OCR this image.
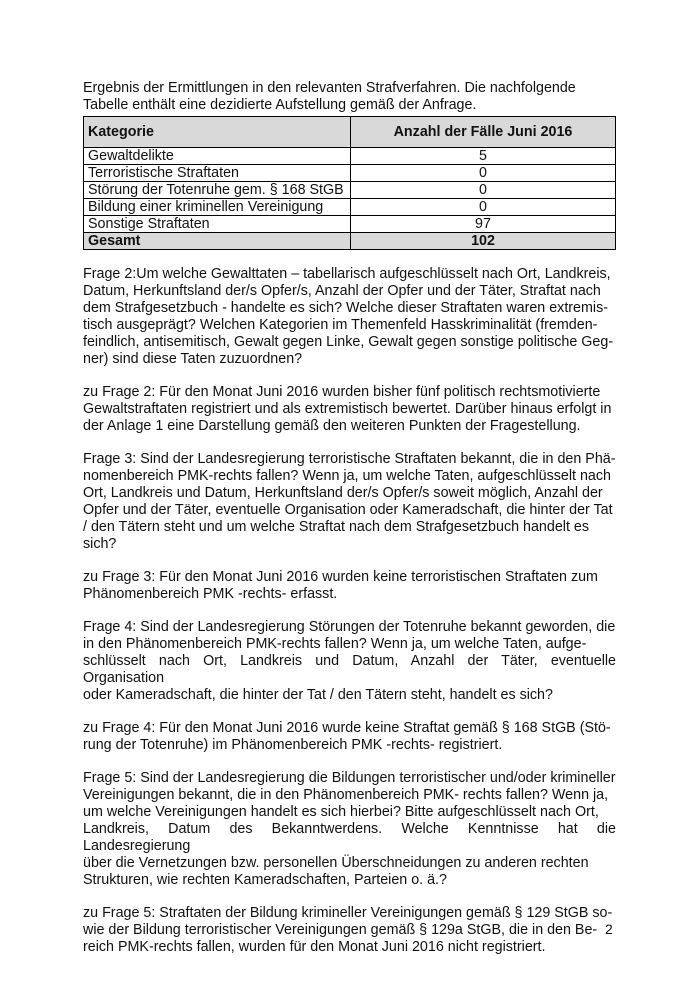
Ergebnis der Ermittlungen in den relevanten Strafverfahren. Die nachfolgende
Tabelle enthält eine dezidierte Aufstellung gemäß der Anfrage.

Kategorie	Anzahl der Fälle Juni 2016
Gewaltdelikte	5
Terroristische Straftaten	0
Störung der Totenruhe gem. § 168 StGB	0
Bildung einer kriminellen Vereinigung	0
Sonstige Straftaten	97
Gesamt	102

Frage 2:Um welche Gewalttaten – tabellarisch aufgeschlüsselt nach Ort, Landkreis,
Datum, Herkunftsland der/s Opfer/s, Anzahl der Opfer und der Täter, Straftat nach
dem Strafgesetzbuch - handelte es sich? Welche dieser Straftaten waren extremis-
tisch ausgeprägt? Welchen Kategorien im Themenfeld Hasskriminalität (fremden-
feindlich, antisemitisch, Gewalt gegen Linke, Gewalt gegen sonstige politische Geg-
ner) sind diese Taten zuzuordnen?

zu Frage 2: Für den Monat Juni 2016 wurden bisher fünf politisch rechtsmotivierte
Gewaltstraftaten registriert und als extremistisch bewertet. Darüber hinaus erfolgt in
der Anlage 1 eine Darstellung gemäß den weiteren Punkten der Fragestellung.

Frage 3: Sind der Landesregierung terroristische Straftaten bekannt, die in den Phä-
nomenbereich PMK-rechts fallen? Wenn ja, um welche Taten, aufgeschlüsselt nach
Ort, Landkreis und Datum, Herkunftsland der/s Opfer/s soweit möglich, Anzahl der
Opfer und der Täter, eventuelle Organisation oder Kameradschaft, die hinter der Tat
/ den Tätern steht und um welche Straftat nach dem Strafgesetzbuch handelt es
sich?

zu Frage 3: Für den Monat Juni 2016 wurden keine terroristischen Straftaten zum
Phänomenbereich PMK -rechts- erfasst.

Frage 4: Sind der Landesregierung Störungen der Totenruhe bekannt geworden, die
in den Phänomenbereich PMK-rechts fallen? Wenn ja, um welche Taten, aufge-
schlüsselt nach Ort, Landkreis und Datum, Anzahl der Täter, eventuelle Organisation
oder Kameradschaft, die hinter der Tat / den Tätern steht, handelt es sich?

zu Frage 4: Für den Monat Juni 2016 wurde keine Straftat gemäß § 168 StGB (Stö-
rung der Totenruhe) im Phänomenbereich PMK -rechts- registriert.

Frage 5: Sind der Landesregierung die Bildungen terroristischer und/oder krimineller
Vereinigungen bekannt, die in den Phänomenbereich PMK- rechts fallen? Wenn ja,
um welche Vereinigungen handelt es sich hierbei? Bitte aufgeschlüsselt nach Ort,
Landkreis, Datum des Bekanntwerdens. Welche Kenntnisse hat die Landesregierung
über die Vernetzungen bzw. personellen Überschneidungen zu anderen rechten
Strukturen, wie rechten Kameradschaften, Parteien o. ä.?

zu Frage 5: Straftaten der Bildung krimineller Vereinigungen gemäß § 129 StGB so-
wie der Bildung terroristischer Vereinigungen gemäß § 129a StGB, die in den Be-
reich PMK-rechts fallen, wurden für den Monat Juni 2016 nicht registriert.

2
